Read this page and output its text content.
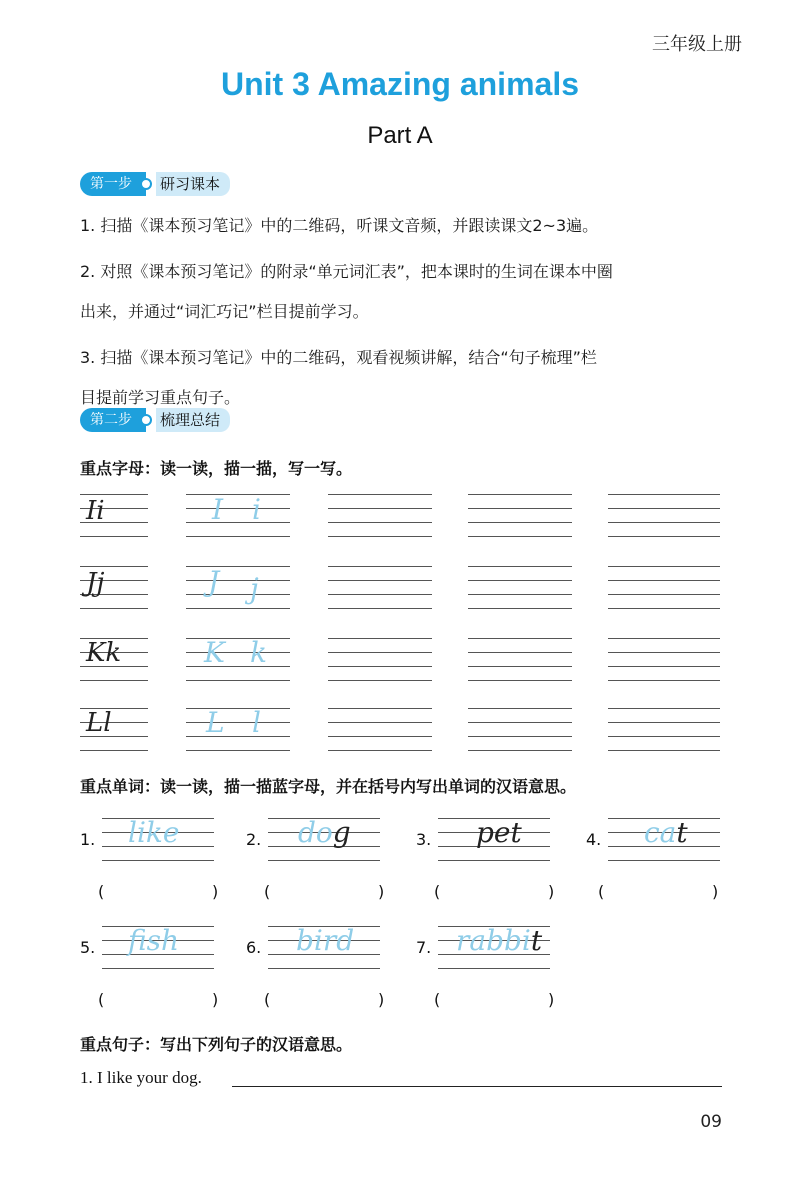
三年级上册
Unit 3 Amazing animals
Part A
第一步	研习课本
1. 扫描《课本预习笔记》中的二维码，听课文音频，并跟读课文2~3遍。
2. 对照《课本预习笔记》的附录“单元词汇表”，把本课时的生词在课本中圈
出来，并通过“词汇巧记”栏目提前学习。
3. 扫描《课本预习笔记》中的二维码，观看视频讲解，结合“句子梳理”栏
目提前学习重点句子。
第二步	梳理总结
重点字母：读一读，描一描，写一写。
Ii	I i
Jj	J j
Kk	K k
Ll	L l
重点单词：读一读，描一描蓝字母，并在括号内写出单词的汉语意思。
1. like	2. dog	3. pet	4. cat
(	)	(	)	(	)	(	)
5. fish	6. bird	7. rabbit
(	)	(	)	(	)
重点句子：写出下列句子的汉语意思。
1. I like your dog.
09
